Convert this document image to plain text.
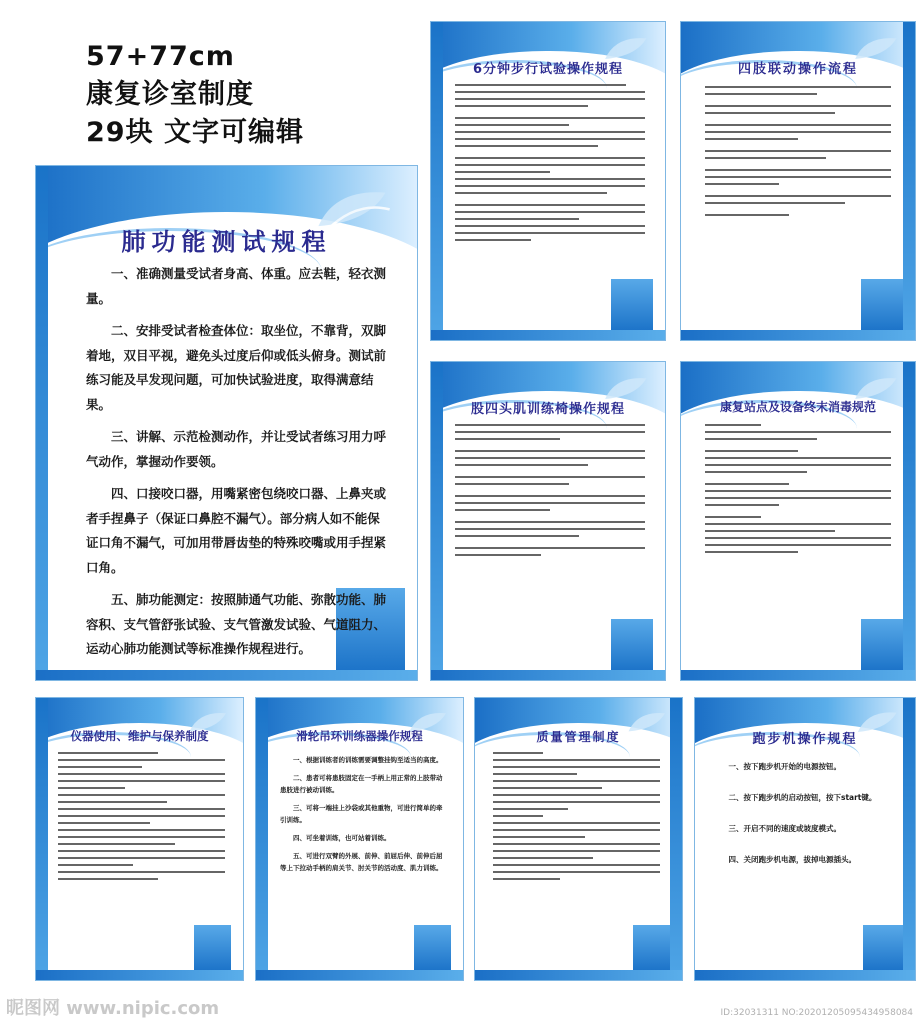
57+77cm
康复诊室制度
29块 文字可编辑
肺功能测试规程

一、准确测量受试者身高、体重。应去鞋，轻衣测量。

二、安排受试者检查体位：取坐位，不靠背，双脚着地，双目平视，避免头过度后仰或低头俯身。测试前练习能及早发现问题，可加快试验进度，取得满意结果。

三、讲解、示范检测动作，并让受试者练习用力呼气动作，掌握动作要领。

四、口接咬口器，用嘴紧密包绕咬口器、上鼻夹或者手捏鼻子（保证口鼻腔不漏气）。部分病人如不能保证口角不漏气，可加用带唇齿垫的特殊咬嘴或用手捏紧口角。

五、肺功能测定：按照肺通气功能、弥散功能、肺容积、支气管舒张试验、支气管激发试验、气道阻力、运动心肺功能测试等标准操作规程进行。

6分钟步行试验操作规程	四肢联动操作流程
股四头肌训练椅操作规程	康复站点及设备终末消毒规范
仪器使用、维护与保养制度	滑轮吊环训练器操作规程

一、根据训练者的训练需要调整挂钩至适当的高度。

二、患者可将患肢固定在一手柄上用正常的上肢带动患肢进行被动训练。

三、可将一端挂上沙袋或其他重物，可进行简单的牵引训练。

四、可坐着训练，也可站着训练。

五、可进行双臂的外展、前伸、前屈后伸、前伸后屈等上下拉动手柄的肩关节、肘关节的活动度、肌力训练。

质量管理制度	跑步机操作规程

一、按下跑步机开始的电源按钮。

二、按下跑步机的启动按钮，按下start键。

三、开启不同的速度或坡度模式。

四、关闭跑步机电源，拔掉电源插头。

昵图网 www.nipic.com	ID:32031311 NO:20201205095434958084
